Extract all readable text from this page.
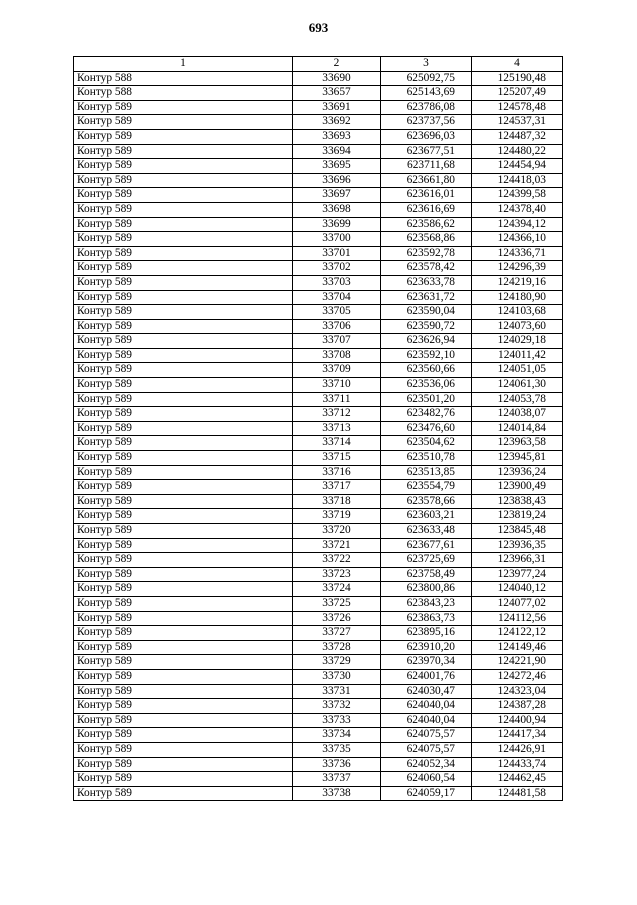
693
1	2	3	4
Контур 588	33690	625092,75	125190,48
Контур 588	33657	625143,69	125207,49
Контур 589	33691	623786,08	124578,48
Контур 589	33692	623737,56	124537,31
Контур 589	33693	623696,03	124487,32
Контур 589	33694	623677,51	124480,22
Контур 589	33695	623711,68	124454,94
Контур 589	33696	623661,80	124418,03
Контур 589	33697	623616,01	124399,58
Контур 589	33698	623616,69	124378,40
Контур 589	33699	623586,62	124394,12
Контур 589	33700	623568,86	124366,10
Контур 589	33701	623592,78	124336,71
Контур 589	33702	623578,42	124296,39
Контур 589	33703	623633,78	124219,16
Контур 589	33704	623631,72	124180,90
Контур 589	33705	623590,04	124103,68
Контур 589	33706	623590,72	124073,60
Контур 589	33707	623626,94	124029,18
Контур 589	33708	623592,10	124011,42
Контур 589	33709	623560,66	124051,05
Контур 589	33710	623536,06	124061,30
Контур 589	33711	623501,20	124053,78
Контур 589	33712	623482,76	124038,07
Контур 589	33713	623476,60	124014,84
Контур 589	33714	623504,62	123963,58
Контур 589	33715	623510,78	123945,81
Контур 589	33716	623513,85	123936,24
Контур 589	33717	623554,79	123900,49
Контур 589	33718	623578,66	123838,43
Контур 589	33719	623603,21	123819,24
Контур 589	33720	623633,48	123845,48
Контур 589	33721	623677,61	123936,35
Контур 589	33722	623725,69	123966,31
Контур 589	33723	623758,49	123977,24
Контур 589	33724	623800,86	124040,12
Контур 589	33725	623843,23	124077,02
Контур 589	33726	623863,73	124112,56
Контур 589	33727	623895,16	124122,12
Контур 589	33728	623910,20	124149,46
Контур 589	33729	623970,34	124221,90
Контур 589	33730	624001,76	124272,46
Контур 589	33731	624030,47	124323,04
Контур 589	33732	624040,04	124387,28
Контур 589	33733	624040,04	124400,94
Контур 589	33734	624075,57	124417,34
Контур 589	33735	624075,57	124426,91
Контур 589	33736	624052,34	124433,74
Контур 589	33737	624060,54	124462,45
Контур 589	33738	624059,17	124481,58
